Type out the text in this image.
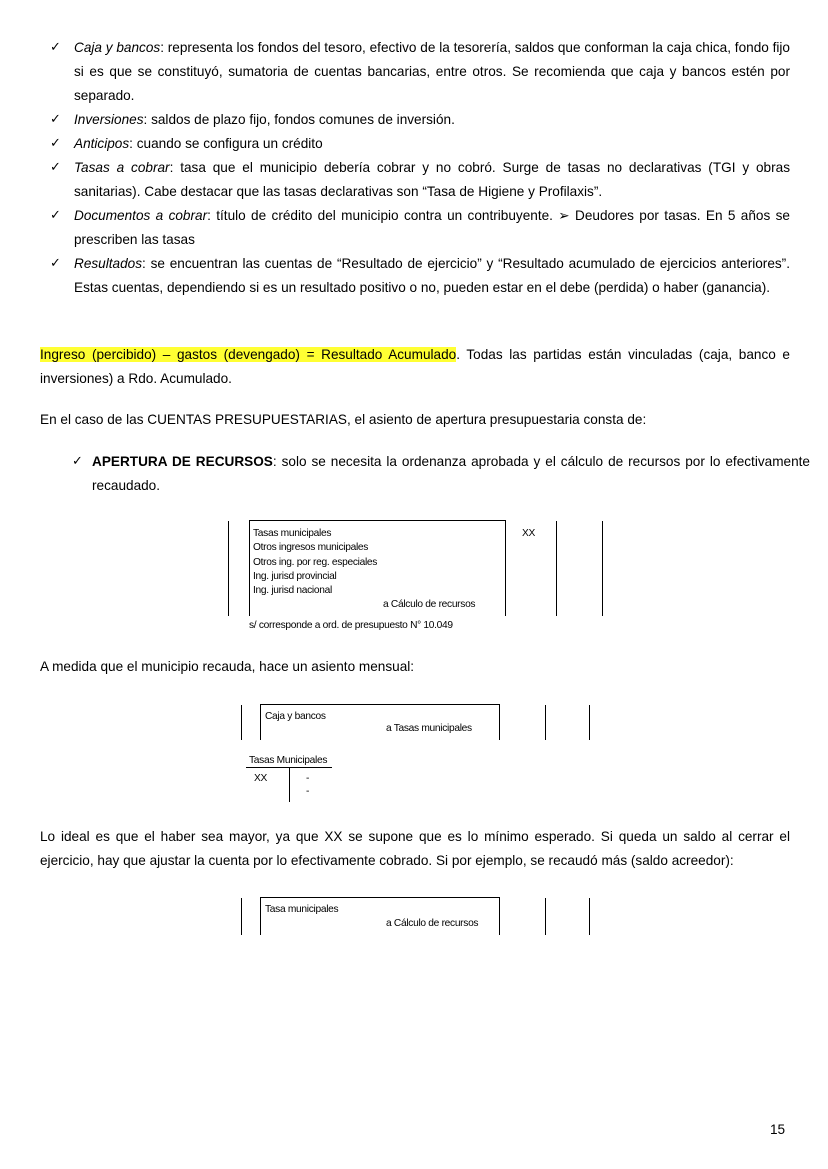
✓ Caja y bancos: representa los fondos del tesoro, efectivo de la tesorería, saldos que conforman la caja chica, fondo fijo si es que se constituyó, sumatoria de cuentas bancarias, entre otros. Se recomienda que caja y bancos estén por separado.
✓ Inversiones: saldos de plazo fijo, fondos comunes de inversión.
✓ Anticipos: cuando se configura un crédito
✓ Tasas a cobrar: tasa que el municipio debería cobrar y no cobró. Surge de tasas no declarativas (TGI y obras sanitarias). Cabe destacar que las tasas declarativas son “Tasa de Higiene y Profilaxis”.
✓ Documentos a cobrar: título de crédito del municipio contra un contribuyente. ➢ Deudores por tasas. En 5 años se prescriben las tasas
✓ Resultados: se encuentran las cuentas de “Resultado de ejercicio” y “Resultado acumulado de ejercicios anteriores”. Estas cuentas, dependiendo si es un resultado positivo o no, pueden estar en el debe (perdida) o haber (ganancia).

Ingreso (percibido) – gastos (devengado) = Resultado Acumulado. Todas las partidas están vinculadas (caja, banco e inversiones) a Rdo. Acumulado.

En el caso de las CUENTAS PRESUPUESTARIAS, el asiento de apertura presupuestaria consta de:

✓ APERTURA DE RECURSOS: solo se necesita la ordenanza aprobada y el cálculo de recursos por lo efectivamente recaudado.
Tasas municipales
Otros ingresos municipales
Otros ing. por reg. especiales
Ing. jurisd provincial
Ing. jurisd nacional
XX
a Cálculo de recursos
s/ corresponde a ord. de presupuesto N° 10.049

A medida que el municipio recauda, hace un asiento mensual:

Caja y bancos
a Tasas municipales
Tasas Municipales
XX	-
-

Lo ideal es que el haber sea mayor, ya que XX se supone que es lo mínimo esperado. Si queda un saldo al cerrar el ejercicio, hay que ajustar la cuenta por lo efectivamente cobrado. Si por ejemplo, se recaudó más (saldo acreedor):

Tasa municipales
a Cálculo de recursos
15
